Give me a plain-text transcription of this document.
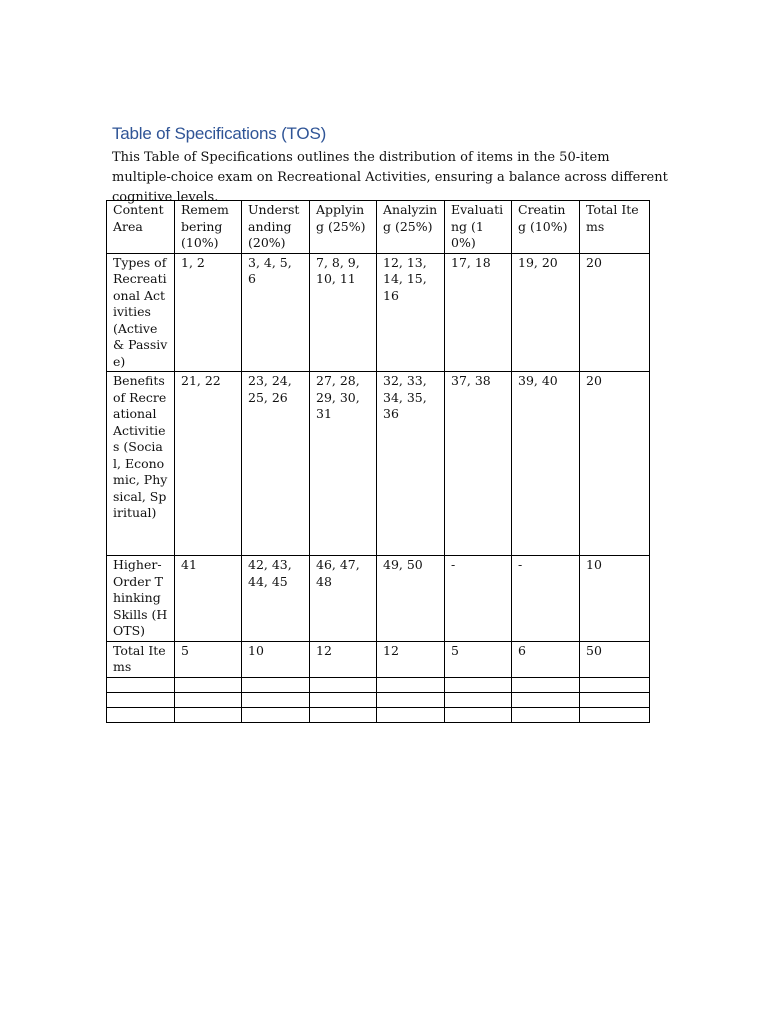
Table of Specifications (TOS)

This Table of Specifications outlines the distribution of items in the 50-item multiple-choice exam on Recreational Activities, ensuring a balance across different cognitive levels.

Content Area	Remembering (10%)	Understanding (20%)	Applying (25%)	Analyzing (25%)	Evaluating (10%)	Creating (10%)	Total Items
Types of Recreational Activities (Active & Passive)	1, 2	3, 4, 5, 6	7, 8, 9, 10, 11	12, 13, 14, 15, 16	17, 18	19, 20	20
Benefits of Recreational Activities (Social, Economic, Physical, Spiritual)	21, 22	23, 24, 25, 26	27, 28, 29, 30, 31	32, 33, 34, 35, 36	37, 38	39, 40	20
Higher-Order Thinking Skills (HOTS)	41	42, 43, 44, 45	46, 47, 48	49, 50	-	-	10
Total Items	5	10	12	12	5	6	50
